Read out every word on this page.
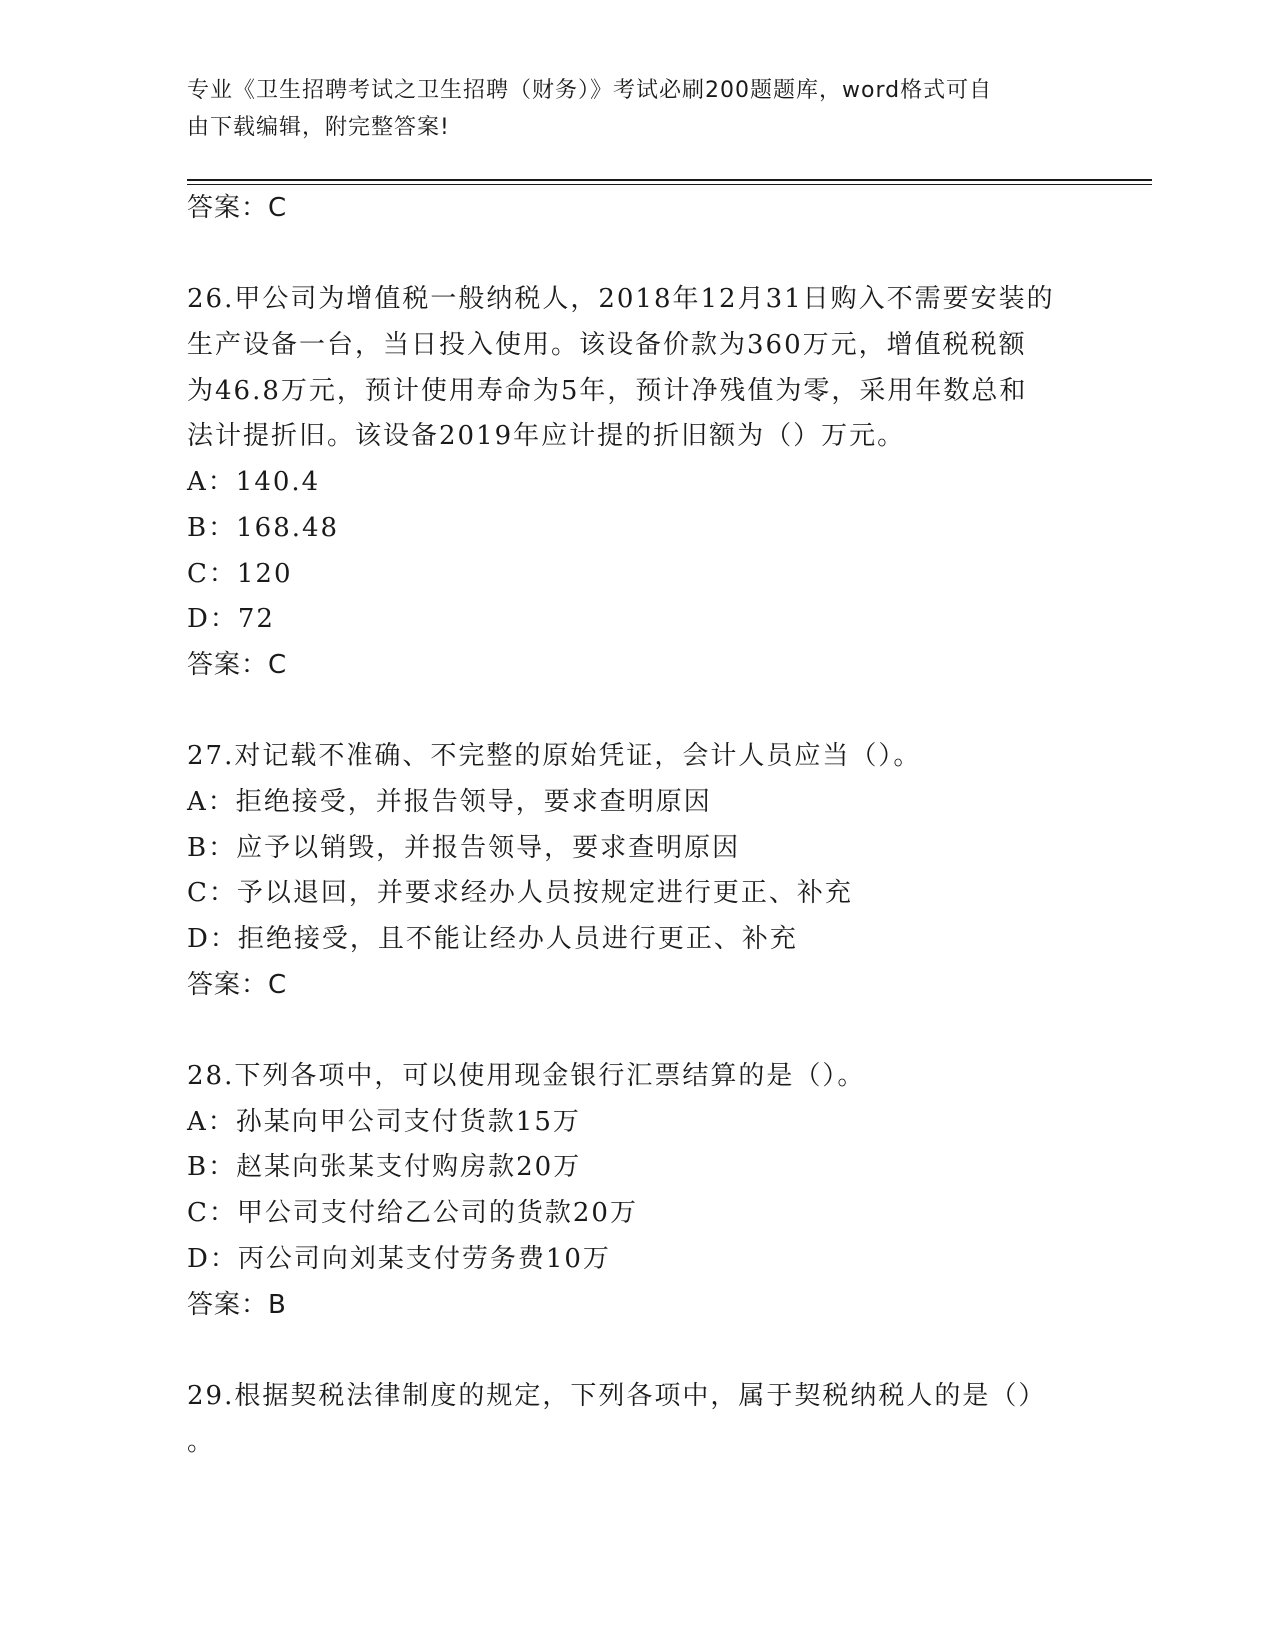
专业《卫生招聘考试之卫生招聘（财务）》考试必刷200题题库，word格式可自
由下载编辑，附完整答案!
答案：C
26.甲公司为增值税一般纳税人，2018年12月31日购入不需要安装的
生产设备一台，当日投入使用。该设备价款为360万元，增值税税额
为46.8万元，预计使用寿命为5年，预计净残值为零，采用年数总和
法计提折旧。该设备2019年应计提的折旧额为（）万元。
A：140.4
B：168.48
C：120
D：72
答案：C
27.对记载不准确、不完整的原始凭证，会计人员应当（）。
A：拒绝接受，并报告领导，要求查明原因
B：应予以销毁，并报告领导，要求查明原因
C：予以退回，并要求经办人员按规定进行更正、补充
D：拒绝接受，且不能让经办人员进行更正、补充
答案：C
28.下列各项中，可以使用现金银行汇票结算的是（）。
A：孙某向甲公司支付货款15万
B：赵某向张某支付购房款20万
C：甲公司支付给乙公司的货款20万
D：丙公司向刘某支付劳务费10万
答案：B
29.根据契税法律制度的规定，下列各项中，属于契税纳税人的是（）
。
